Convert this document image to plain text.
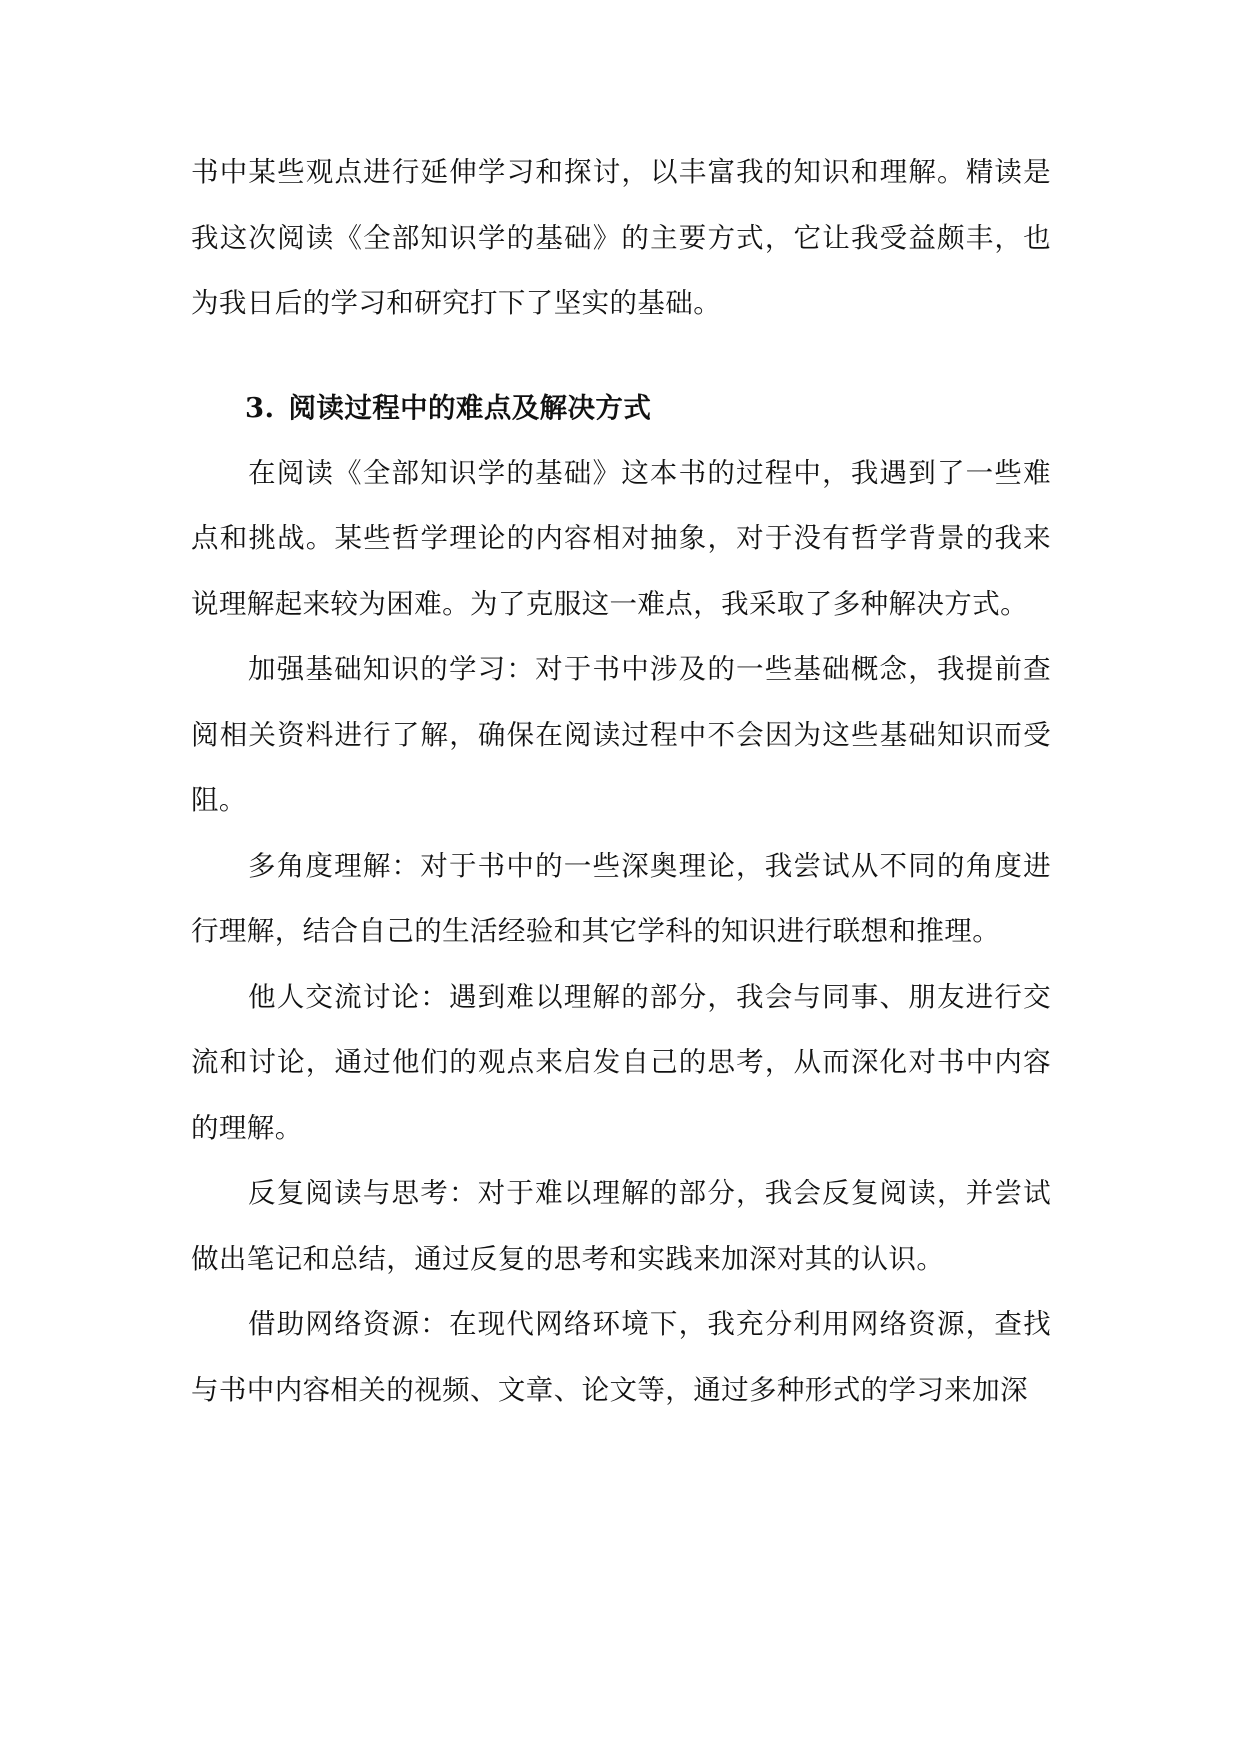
书中某些观点进行延伸学习和探讨，以丰富我的知识和理解。精读是我这次阅读《全部知识学的基础》的主要方式，它让我受益颇丰，也为我日后的学习和研究打下了坚实的基础。

3. 阅读过程中的难点及解决方式

在阅读《全部知识学的基础》这本书的过程中，我遇到了一些难点和挑战。某些哲学理论的内容相对抽象，对于没有哲学背景的我来说理解起来较为困难。为了克服这一难点，我采取了多种解决方式。

加强基础知识的学习：对于书中涉及的一些基础概念，我提前查阅相关资料进行了解，确保在阅读过程中不会因为这些基础知识而受阻。

多角度理解：对于书中的一些深奥理论，我尝试从不同的角度进行理解，结合自己的生活经验和其它学科的知识进行联想和推理。

他人交流讨论：遇到难以理解的部分，我会与同事、朋友进行交流和讨论，通过他们的观点来启发自己的思考，从而深化对书中内容的理解。

反复阅读与思考：对于难以理解的部分，我会反复阅读，并尝试做出笔记和总结，通过反复的思考和实践来加深对其的认识。

借助网络资源：在现代网络环境下，我充分利用网络资源，查找与书中内容相关的视频、文章、论文等，通过多种形式的学习来加深
